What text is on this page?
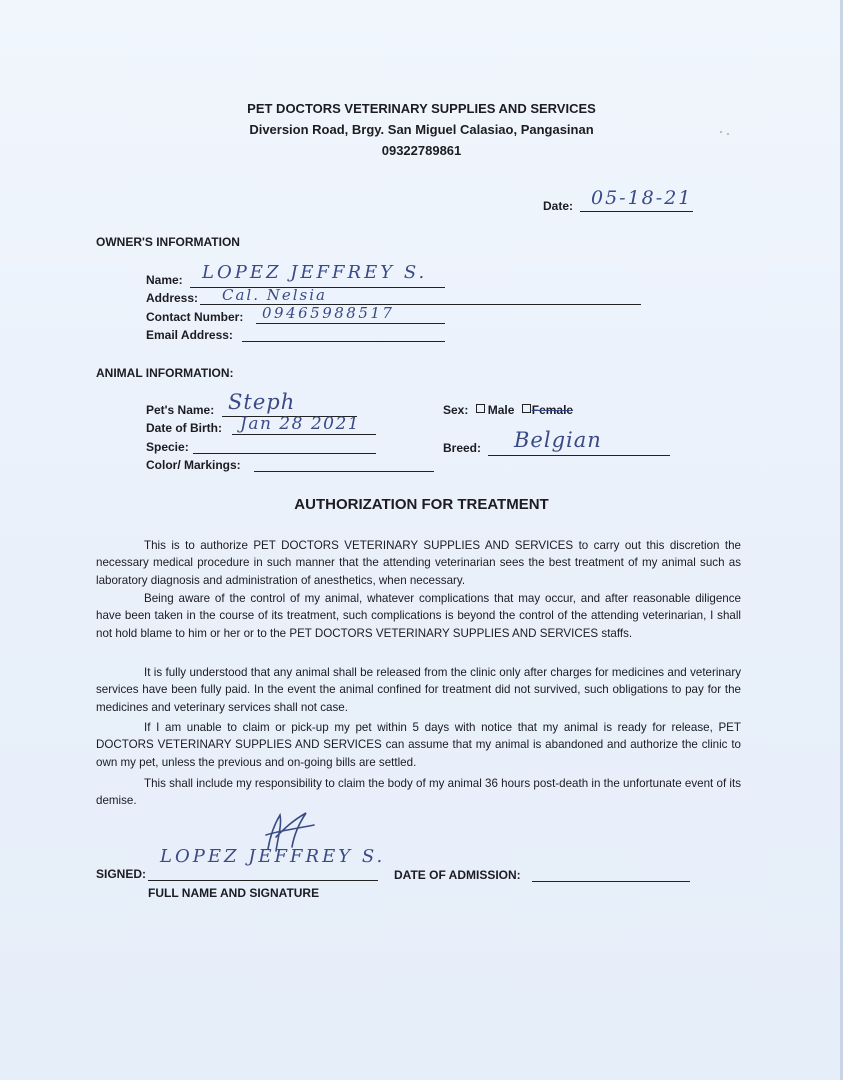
PET DOCTORS VETERINARY SUPPLIES AND SERVICES
Diversion Road, Brgy. San Miguel Calasiao, Pangasinan
09322789861
Date: 05-18-21
OWNER'S INFORMATION
Name: LOPEZ JEFFREY S.
Address: Cal. Nelsia
Contact Number: 09465988517
Email Address:
ANIMAL INFORMATION:
Pet's Name: Steph
Date of Birth: Jan 28 2021
Specie:
Color/ Markings:
Sex: Male Female
Breed: Belgian
AUTHORIZATION FOR TREATMENT

This is to authorize PET DOCTORS VETERINARY SUPPLIES AND SERVICES to carry out this discretion the necessary medical procedure in such manner that the attending veterinarian sees the best treatment of my animal such as laboratory diagnosis and administration of anesthetics, when necessary.

Being aware of the control of my animal, whatever complications that may occur, and after reasonable diligence have been taken in the course of its treatment, such complications is beyond the control of the attending veterinarian, I shall not hold blame to him or her or to the PET DOCTORS VETERINARY SUPPLIES AND SERVICES staffs.

It is fully understood that any animal shall be released from the clinic only after charges for medicines and veterinary services have been fully paid. In the event the animal confined for treatment did not survived, such obligations to pay for the medicines and veterinary services shall not case.

If I am unable to claim or pick-up my pet within 5 days with notice that my animal is ready for release, PET DOCTORS VETERINARY SUPPLIES AND SERVICES can assume that my animal is abandoned and authorize the clinic to own my pet, unless the previous and on-going bills are settled.

This shall include my responsibility to claim the body of my animal 36 hours post-death in the unfortunate event of its demise.

SIGNED:
LOPEZ JEFFREY S.
FULL NAME AND SIGNATURE
DATE OF ADMISSION:
